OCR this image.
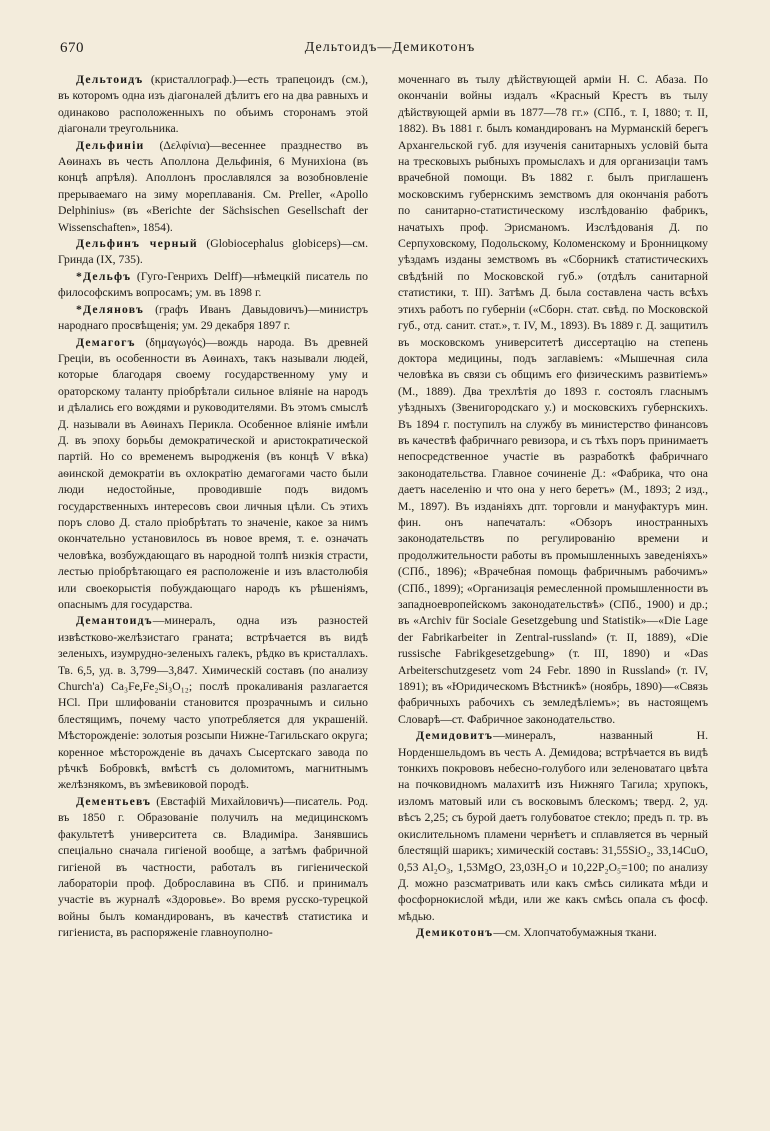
670	Дельтоидъ—Демикотонъ

Дельтоидъ (кристаллограф.)—есть трапецоидъ (см.), въ которомъ одна изъ діагоналей дѣлитъ его на два равныхъ и одинаково расположенныхъ по объимъ сторонамъ этой діагонали треугольника.

Дельфиніи (Δελφίνια)—весеннее празднество въ Аѳинахъ въ честь Аполлона Дельфинія, 6 Мунихіона (въ концѣ апрѣля). Аполлонъ прославлялся за возобновленіе прерываемаго на зиму мореплаванія. См. Preller, «Apollo Delphinius» (въ «Berichte der Sächsischen Gesellschaft der Wissenschaften», 1854).

Дельфинъ черный (Globiocephalus globiceps)—см. Гринда (IX, 735).

*Дельфъ (Гуго-Генрихъ Delff)—нѣмецкій писатель по философскимъ вопросамъ; ум. въ 1898 г.

*Деляновъ (графъ Иванъ Давыдовичъ)—министръ народнаго просвѣщенія; ум. 29 декабря 1897 г.

Демагогъ (δημαγωγός)—вождь народа. Въ древней Греціи, въ особенности въ Аѳинахъ, такъ называли людей, которые благодаря своему государственному уму и ораторскому таланту пріобрѣтали сильное вліяніе на народъ и дѣлались его вождями и руководителями. Въ этомъ смыслѣ Д. называли въ Аѳинахъ Перикла. Особенное вліяніе имѣли Д. въ эпоху борьбы демократической и аристократической партій. Но со временемъ выродженія (въ концѣ V вѣка) аѳинской демократіи въ охлократію демагогами часто были люди недостойные, проводившіе подъ видомъ государственныхъ интересовъ свои личныя цѣли. Съ этихъ поръ слово Д. стало пріобрѣтать то значеніе, какое за нимъ окончательно установилось въ новое время, т. е. означать человѣка, возбуждающаго въ народной толпѣ низкія страсти, лестью пріобрѣтающаго ея расположеніе и изъ властолюбія или своекорыстія побуждающаго народъ къ рѣшеніямъ, опаснымъ для государства.

Демантоидъ—минералъ, одна изъ разностей извѣстково-желѣзистаго граната; встрѣчается въ видѣ зеленыхъ, изумрудно-зеленыхъ галекъ, рѣдко въ кристаллахъ. Тв. 6,5, уд. в. 3,799—3,847. Химическій составъ (по анализу Church'а) Ca₃Fe,Fe₂Si₃O₁₂; послѣ прокаливанія разлагается HCl. При шлифованіи становится прозрачнымъ и сильно блестящимъ, почему часто употребляется для украшеній. Мѣсторожденіе: золотыя розсыпи Нижне-Тагильскаго округа; коренное мѣсторожденіе въ дачахъ Сысертскаго завода по рѣчкѣ Бобровкѣ, вмѣстѣ съ доломитомъ, магнитнымъ желѣзнякомъ, въ змѣевиковой породѣ.

Дементьевъ (Евстафій Михайловичъ)—писатель. Род. въ 1850 г. Образованіе получилъ на медицинскомъ факультетѣ университета св. Владиміра. Занявшись спеціально сначала гигіеной вообще, а затѣмъ фабричной гигіеной въ частности, работалъ въ гигіенической лабораторіи проф. Доброславина въ СПб. и принималъ участіе въ журналѣ «Здоровье». Во время русско-турецкой войны былъ командированъ, въ качествѣ статистика и гигіениста, въ распоряженіе главноуполно-

моченнаго въ тылу дѣйствующей арміи Н. С. Абаза. По окончаніи войны издалъ «Красный Крестъ въ тылу дѣйствующей арміи въ 1877—78 гг.» (СПб., т. I, 1880; т. II, 1882). Въ 1881 г. былъ командированъ на Мурманскій берегъ Архангельской губ. для изученія санитарныхъ условій быта на тресковыхъ рыбныхъ промыслахъ и для организаціи тамъ врачебной помощи. Въ 1882 г. былъ приглашенъ московскимъ губернскимъ земствомъ для окончанія работъ по санитарно-статистическому изслѣдованію фабрикъ, начатыхъ проф. Эрисманомъ. Изслѣдованія Д. по Серпуховскому, Подольскому, Коломенскому и Бронницкому уѣздамъ изданы земствомъ въ «Сборникѣ статистическихъ свѣдѣній по Московской губ.» (отдѣлъ санитарной статистики, т. III). Затѣмъ Д. была составлена часть всѣхъ этихъ работъ по губерніи («Сборн. стат. свѣд. по Московской губ., отд. санит. стат.», т. IV, М., 1893). Въ 1889 г. Д. защитилъ въ московскомъ университетѣ диссертацію на степень доктора медицины, подъ заглавіемъ: «Мышечная сила человѣка въ связи съ общимъ его физическимъ развитіемъ» (М., 1889). Два трехлѣтія до 1893 г. состоялъ гласнымъ уѣздныхъ (Звенигородскаго у.) и московскихъ губернскихъ. Въ 1894 г. поступилъ на службу въ министерство финансовъ въ качествѣ фабричнаго ревизора, и съ тѣхъ поръ принимаетъ непосредственное участіе въ разработкѣ фабричнаго законодательства. Главное сочиненіе Д.: «Фабрика, что она даетъ населенію и что она у него беретъ» (М., 1893; 2 изд., М., 1897). Въ изданіяхъ дпт. торговли и мануфактуръ мин. фин. онъ напечаталъ: «Обзоръ иностранныхъ законодательствъ по регулированію времени и продолжительности работы въ промышленныхъ заведеніяхъ» (СПб., 1896); «Врачебная помощь фабричнымъ рабочимъ» (СПб., 1899); «Организація ремесленной промышленности въ западноевропейскомъ законодательствѣ» (СПб., 1900) и др.; въ «Archiv für Sociale Gesetzgebung und Statistik»—«Die Lage der Fabrikarbeiter in Zentral-russland» (т. II, 1889), «Die russische Fabrikgesetzgebung» (т. III, 1890) и «Das Arbeiterschutzgesetz vom 24 Febr. 1890 in Russland» (т. IV, 1891); въ «Юридическомъ Вѣстникѣ» (ноябрь, 1890)—«Связь фабричныхъ рабочихъ съ земледѣліемъ»; въ настоящемъ Словарѣ—ст. Фабричное законодательство.

Демидовитъ—минералъ, названный Н. Норденшельдомъ въ честь А. Демидова; встрѣчается въ видѣ тонкихъ покрововъ небесно-голубого или зеленоватаго цвѣта на почковидномъ малахитѣ изъ Нижняго Тагила; хрупокъ, изломъ матовый или съ восковымъ блескомъ; тверд. 2, уд. вѣсъ 2,25; съ бурой даетъ голубоватое стекло; предъ п. тр. въ окислительномъ пламени чернѣетъ и сплавляется въ черный блестящій шарикъ; химическій составъ: 31,55SiO₂, 33,14CuO, 0,53 Al₂O₃, 1,53MgO, 23,03H₂O и 10,22P₂O₅=100; по анализу Д. можно разсматривать или какъ смѣсь силиката мѣди и фосфорнокислой мѣди, или же какъ смѣсь опала съ фосф. мѣдью.

Демикотонъ—см. Хлопчатобумажныя ткани.
